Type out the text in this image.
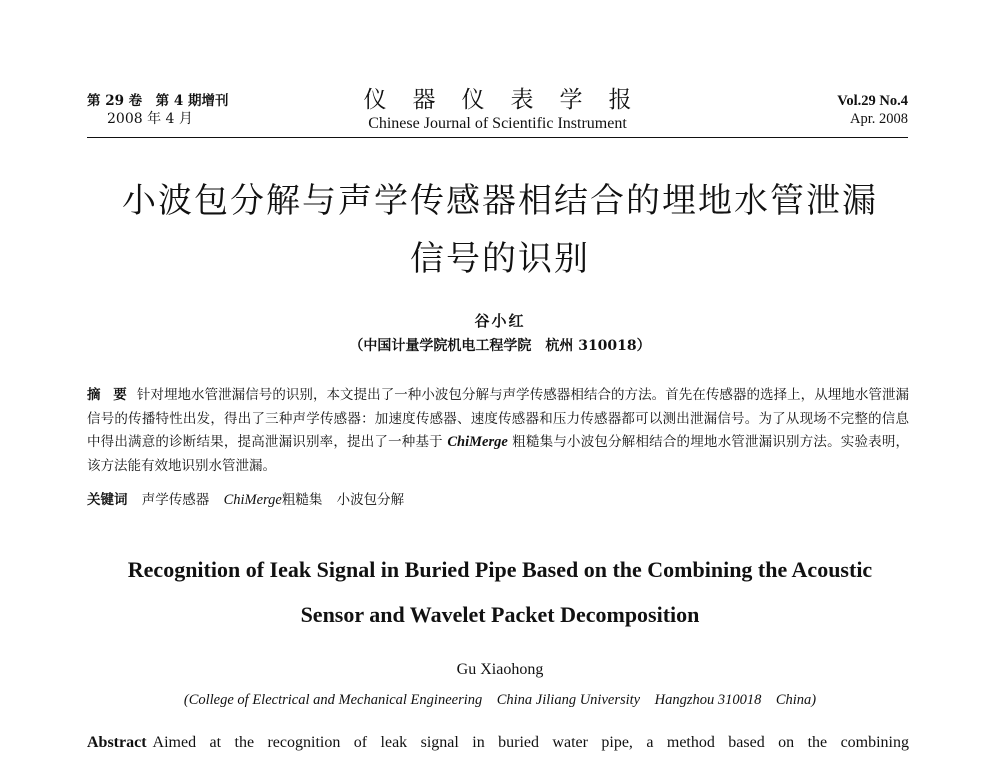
第 29 卷　第 4 期增刊
2008 年 4 月
仪器仪表学报
Chinese Journal of Scientific Instrument
Vol.29 No.4
Apr. 2008
小波包分解与声学传感器相结合的埋地水管泄漏
信号的识别
谷小红
（中国计量学院机电工程学院　杭州 310018）
摘 要 针对埋地水管泄漏信号的识别，本文提出了一种小波包分解与声学传感器相结合的方法。首先在传感器的选择上，从埋地水管泄漏信号的传播特性出发，得出了三种声学传感器：加速度传感器、速度传感器和压力传感器都可以测出泄漏信号。为了从现场不完整的信息中得出满意的诊断结果，提高泄漏识别率，提出了一种基于 ChiMerge 粗糙集与小波包分解相结合的埋地水管泄漏识别方法。实验表明，该方法能有效地识别水管泄漏。
关键词 声学传感器 ChiMerge粗糙集 小波包分解
Recognition of Ieak Signal in Buried Pipe Based on the Combining the Acoustic
Sensor and Wavelet Packet Decomposition
Gu Xiaohong
(College of Electrical and Mechanical Engineering　China Jiliang University　Hangzhou 310018　China)
Abstract Aimed at the recognition of leak signal in buried water pipe, a method based on the combining
